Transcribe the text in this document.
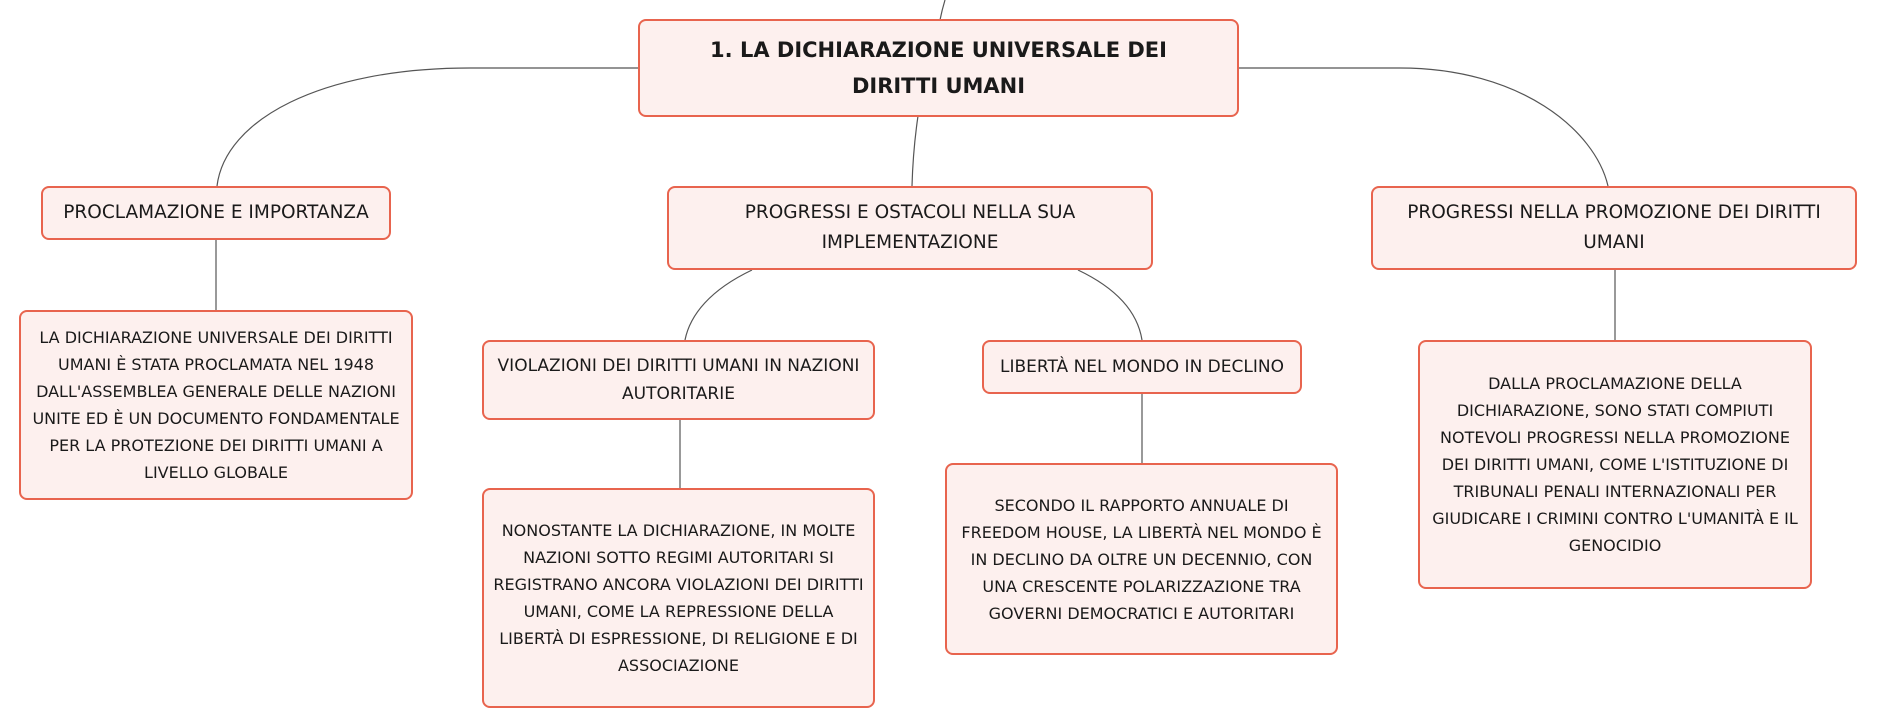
1. LA DICHIARAZIONE UNIVERSALE DEI DIRITTI UMANI
PROCLAMAZIONE E IMPORTANZA	PROGRESSI E OSTACOLI NELLA SUA IMPLEMENTAZIONE
PROGRESSI NELLA PROMOZIONE DEI DIRITTI UMANI
VIOLAZIONI DEI DIRITTI UMANI IN NAZIONI AUTORITARIE
LIBERTÀ NEL MONDO IN DECLINO
LA DICHIARAZIONE UNIVERSALE DEI DIRITTI UMANI È STATA PROCLAMATA NEL 1948 DALL'ASSEMBLEA GENERALE DELLE NAZIONI UNITE ED È UN DOCUMENTO FONDAMENTALE PER LA PROTEZIONE DEI DIRITTI UMANI A LIVELLO GLOBALE
NONOSTANTE LA DICHIARAZIONE, IN MOLTE NAZIONI SOTTO REGIMI AUTORITARI SI REGISTRANO ANCORA VIOLAZIONI DEI DIRITTI UMANI, COME LA REPRESSIONE DELLA LIBERTÀ DI ESPRESSIONE, DI RELIGIONE E DI ASSOCIAZIONE
SECONDO IL RAPPORTO ANNUALE DI FREEDOM HOUSE, LA LIBERTÀ NEL MONDO È IN DECLINO DA OLTRE UN DECENNIO, CON UNA CRESCENTE POLARIZZAZIONE TRA GOVERNI DEMOCRATICI E AUTORITARI
DALLA PROCLAMAZIONE DELLA DICHIARAZIONE, SONO STATI COMPIUTI NOTEVOLI PROGRESSI NELLA PROMOZIONE DEI DIRITTI UMANI, COME L'ISTITUZIONE DI TRIBUNALI PENALI INTERNAZIONALI PER GIUDICARE I CRIMINI CONTRO L'UMANITÀ E IL GENOCIDIO
